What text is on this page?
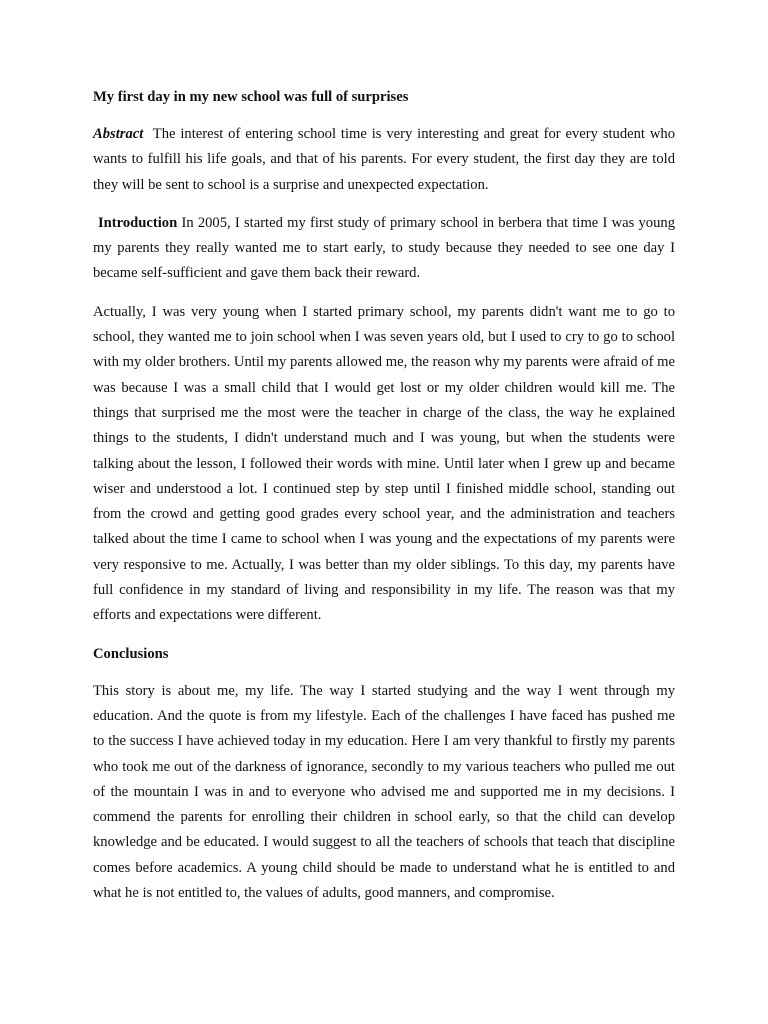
My first day in my new school was full of surprises

Abstract The interest of entering school time is very interesting and great for every student who wants to fulfill his life goals, and that of his parents. For every student, the first day they are told they will be sent to school is a surprise and unexpected expectation.

Introduction In 2005, I started my first study of primary school in berbera that time I was young my parents they really wanted me to start early, to study because they needed to see one day I became self-sufficient and gave them back their reward.

Actually, I was very young when I started primary school, my parents didn't want me to go to school, they wanted me to join school when I was seven years old, but I used to cry to go to school with my older brothers. Until my parents allowed me, the reason why my parents were afraid of me was because I was a small child that I would get lost or my older children would kill me. The things that surprised me the most were the teacher in charge of the class, the way he explained things to the students, I didn't understand much and I was young, but when the students were talking about the lesson, I followed their words with mine. Until later when I grew up and became wiser and understood a lot. I continued step by step until I finished middle school, standing out from the crowd and getting good grades every school year, and the administration and teachers talked about the time I came to school when I was young and the expectations of my parents were very responsive to me. Actually, I was better than my older siblings. To this day, my parents have full confidence in my standard of living and responsibility in my life. The reason was that my efforts and expectations were different.

Conclusions

This story is about me, my life. The way I started studying and the way I went through my education. And the quote is from my lifestyle. Each of the challenges I have faced has pushed me to the success I have achieved today in my education. Here I am very thankful to firstly my parents who took me out of the darkness of ignorance, secondly to my various teachers who pulled me out of the mountain I was in and to everyone who advised me and supported me in my decisions. I commend the parents for enrolling their children in school early, so that the child can develop knowledge and be educated. I would suggest to all the teachers of schools that teach that discipline comes before academics. A young child should be made to understand what he is entitled to and what he is not entitled to, the values of adults, good manners, and compromise.
